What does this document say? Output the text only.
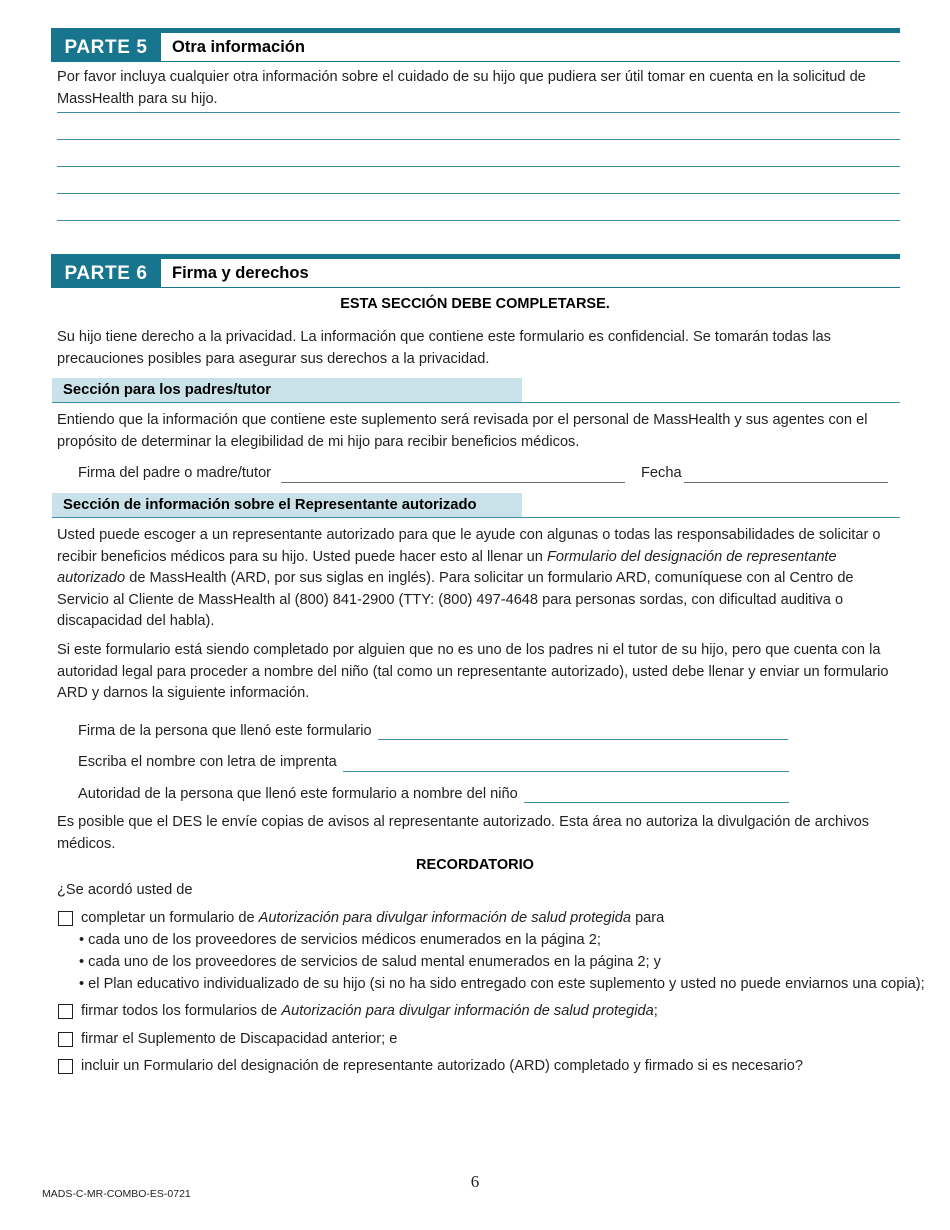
PARTE 5	Otra información
Por favor incluya cualquier otra información sobre el cuidado de su hijo que pudiera ser útil tomar en cuenta en la solicitud de MassHealth para su hijo.
PARTE 6	Firma y derechos
ESTA SECCIÓN DEBE COMPLETARSE.
Su hijo tiene derecho a la privacidad. La información que contiene este formulario es confidencial. Se tomarán todas las precauciones posibles para asegurar sus derechos a la privacidad.
Sección para los padres/tutor
Entiendo que la información que contiene este suplemento será revisada por el personal de MassHealth y sus agentes con el propósito de determinar la elegibilidad de mi hijo para recibir beneficios médicos.
Firma del padre o madre/tutor	Fecha
Sección de información sobre el Representante autorizado
Usted puede escoger a un representante autorizado para que le ayude con algunas o todas las responsabilidades de solicitar o recibir beneficios médicos para su hijo. Usted puede hacer esto al llenar un Formulario del designación de representante autorizado de MassHealth (ARD, por sus siglas en inglés). Para solicitar un formulario ARD, comuníquese con al Centro de Servicio al Cliente de MassHealth al (800) 841-2900 (TTY: (800) 497-4648 para personas sordas, con dificultad auditiva o discapacidad del habla).
Si este formulario está siendo completado por alguien que no es uno de los padres ni el tutor de su hijo, pero que cuenta con la autoridad legal para proceder a nombre del niño (tal como un representante autorizado), usted debe llenar y enviar un formulario ARD y darnos la siguiente información.
Firma de la persona que llenó este formulario
Escriba el nombre con letra de imprenta
Autoridad de la persona que llenó este formulario a nombre del niño
Es posible que el DES le envíe copias de avisos al representante autorizado. Esta área no autoriza la divulgación de archivos médicos.
RECORDATORIO
¿Se acordó usted de
completar un formulario de Autorización para divulgar información de salud protegida para
• cada uno de los proveedores de servicios médicos enumerados en la página 2;
• cada uno de los proveedores de servicios de salud mental enumerados en la página 2; y
• el Plan educativo individualizado de su hijo (si no ha sido entregado con este suplemento y usted no puede enviarnos una copia);
firmar todos los formularios de Autorización para divulgar información de salud protegida;
firmar el Suplemento de Discapacidad anterior; e
incluir un Formulario del designación de representante autorizado (ARD) completado y firmado si es necesario?
6
MADS-C-MR-COMBO-ES-0721
